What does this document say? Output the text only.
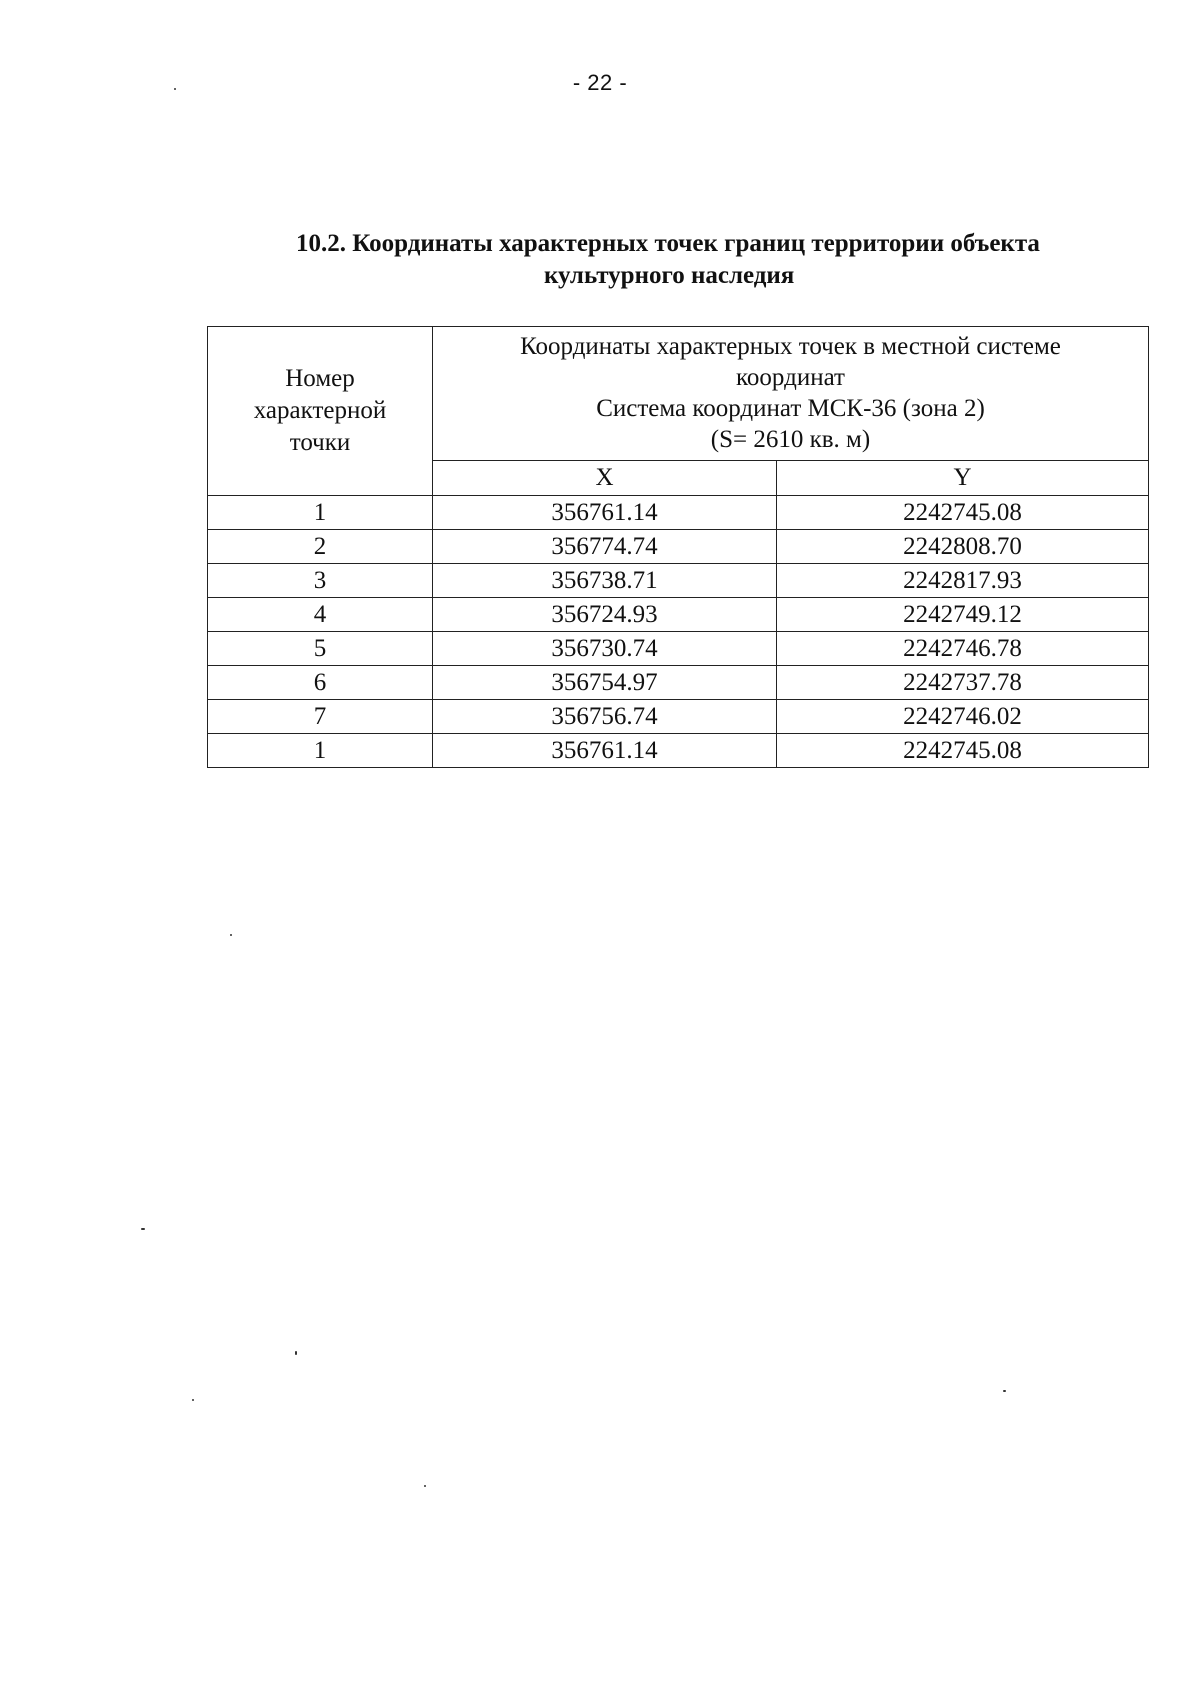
- 22 -
10.2. Координаты характерных точек границ территории объекта
культурного наследия
Номер
характерной
точки	Координаты характерных точек в местной системе
координат
Система координат МСК-36 (зона 2)
(S= 2610 кв. м)	
	X	Y
1	356761.14	2242745.08
2	356774.74	2242808.70
3	356738.71	2242817.93
4	356724.93	2242749.12
5	356730.74	2242746.78
6	356754.97	2242737.78
7	356756.74	2242746.02
1	356761.14	2242745.08
